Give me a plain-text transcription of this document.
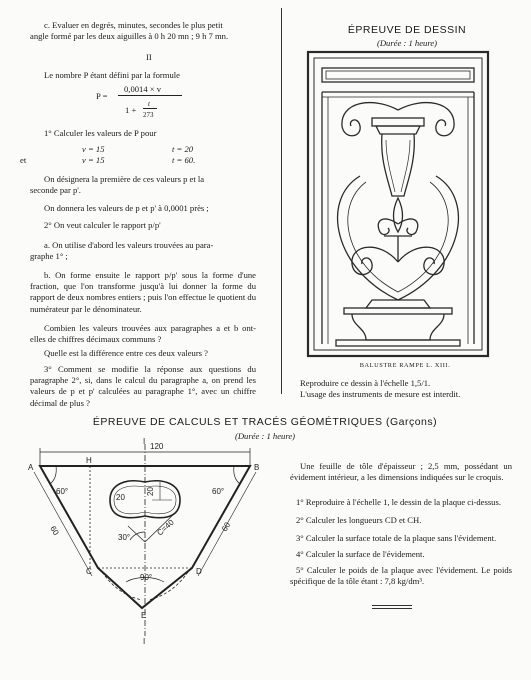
c. Evaluer en degrés, minutes, secondes le plus petit
angle formé par les deux aiguilles à 0 h 20 mn ; 9 h 7 mn.
II
Le nombre P étant défini par la formule
P =
0,0014 × v
1 +
t
273
1° Calculer les valeurs de P pour
v = 15	t = 20
et	v = 15	t = 60.
On désignera la première de ces valeurs p et la
seconde par p'.
On donnera les valeurs de p et p' à 0,0001 près ;
2° On veut calculer le rapport p/p'
a. On utilise d'abord les valeurs trouvées au para-
graphe 1° ;
b. On forme ensuite le rapport p/p' sous la forme d'une fraction, que l'on transforme jusqu'à lui donner la forme du rapport de deux nombres entiers ; puis l'on effectue le quotient du numérateur par le dénominateur.
Combien les valeurs trouvées aux paragraphes a et b ont-elles de chiffres décimaux communs ?
Quelle est la différence entre ces deux valeurs ?
3° Comment se modifie la réponse aux questions du paragraphe 2°, si, dans le calcul du paragraphe a, on prend les valeurs de p et p' calculées au paragraphe 1°, avec un chiffre décimal de plus ?
ÉPREUVE DE DESSIN
(Durée : 1 heure)
BALUSTRE RAMPE L. XIII.
Reproduire ce dessin à l'échelle 1,5/1.
L'usage des instruments de mesure est interdit.
ÉPREUVE DE CALCULS ET TRACÉS GÉOMÉTRIQUES (Garçons)
(Durée : 1 heure)
A	B
H
C	D
E
I
I
120
60°	60°
60	60
20
20
C=40
30°
90°
Une feuille de tôle d'épaisseur ; 2,5 mm, possédant un évidement intérieur, a les dimensions indiquées sur le croquis.
1° Reproduire à l'échelle 1, le dessin de la plaque ci-dessus.
2° Calculer les longueurs CD et CH.
3° Calculer la surface totale de la plaque sans l'évidement.
4° Calculer la surface de l'évidement.
5° Calculer le poids de la plaque avec l'évidement. Le poids spécifique de la tôle étant : 7,8 kg/dm³.
